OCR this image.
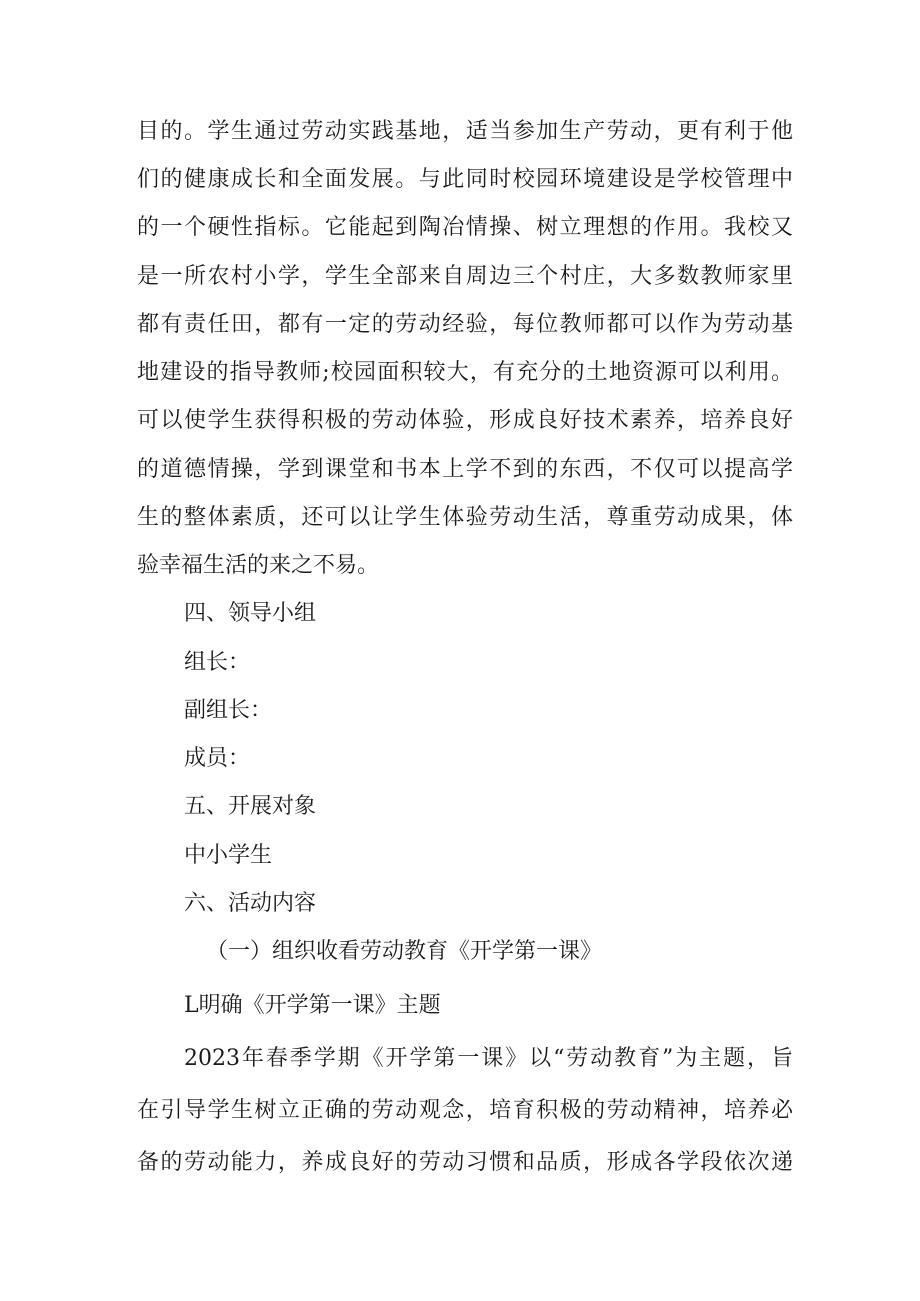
目的。学生通过劳动实践基地，适当参加生产劳动，更有利于他
们的健康成长和全面发展。与此同时校园环境建设是学校管理中
的一个硬性指标。它能起到陶冶情操、树立理想的作用。我校又
是一所农村小学，学生全部来自周边三个村庄，大多数教师家里
都有责任田，都有一定的劳动经验，每位教师都可以作为劳动基
地建设的指导教师;校园面积较大，有充分的土地资源可以利用。
可以使学生获得积极的劳动体验，形成良好技术素养，培养良好
的道德情操，学到课堂和书本上学不到的东西，不仅可以提高学
生的整体素质，还可以让学生体验劳动生活，尊重劳动成果，体
验幸福生活的来之不易。
四、领导小组
组长：
副组长：
成员：
五、开展对象
中小学生
六、活动内容
（一）组织收看劳动教育《开学第一课》
L明确《开学第一课》主题
2023年春季学期《开学第一课》以“劳动教育”为主题，旨
在引导学生树立正确的劳动观念，培育积极的劳动精神，培养必
备的劳动能力，养成良好的劳动习惯和品质，形成各学段依次递
